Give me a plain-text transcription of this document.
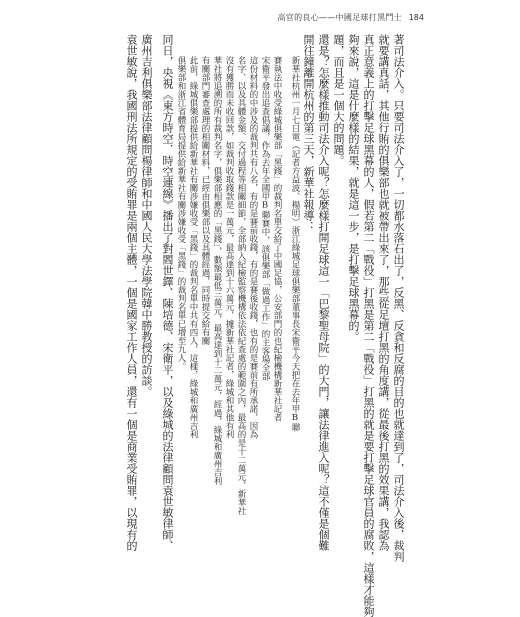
高官的良心——中國足球打黑鬥士 184

著司法介入。只要司法介入了，一切都水落石出了，反黑、反貪和反腐的目的也就達到了，司法介入後，裁判

就要講真話，其他行賄的俱樂部也就被帶出來了，那些從足壇打黑的角度講，從最後打黑的效果講，我認為

真正意義上的打擊足球黑幕的人，假若第二「戰役」打黑是第二「戰役」打黑的就是要打擊足球官員的腐敗，這樣才能夠

夠來說，這是什麼樣的結果，就是這一步，是打擊足球黑幕的。

題，而且是一個大的問題。

還是？怎麼樣推動司法介入呢？怎麼樣打開足球這一「巴黎聖母院」的大門，讓法律進入呢？這不僅是個難

開往鐘離開杭州的第三天，新華社報導：

新華社杭州一月七日電（記者方益波、楊明）浙江綠城足球俱樂部董事長宋衛平今天把在去年甲B聯

賽執法中收受綠城俱樂部「黑錢」的裁判名單交給了中國足協，公安部門的也紀檢機構新華社記者

宋衛平發出追查倡議，作為去年全國甲B聯賽中，該俱樂部「做過工作」的主客場全部

這份材料的中涉及的裁判共有八名，有的是賽前收錢，有的是賽後收錢，也有的是賽前有所承諾，因為

名字、以及具體金額、交付過程等相關細節，全部納入紀檢監察機構依法依紀查處的範圍之內，最高的是十二萬元，新華社

沒有獲勝而未收回款，如裁判收取錢款是一萬元，最高達到十六萬元，據新華社記者，綠城和其他有利

華社將追溯的所有裁判名字，俱樂部相應的「黑錢」，數額最低三萬元，最高達到十二萬元，經過，綠城和廣州吉利

有關部門審查處理的相關材料，已經由俱樂部以及具體經過，同時提交給有關

此前，綠城俱樂部提供給新華社有關涉嫌收受「黑錢」的裁判名單中共有四人，這樣，綠城和廣州吉利

俱樂部和浙江省體育局提供給新華社有關涉嫌收受「黑錢」的裁判名單已增至九人。

同日，央視《東方時空．時空連線》播出了對閻世鐸、陳培德、宋衛平，以及綠城的法律顧問袁世敏律師、

廣州吉利俱樂部法律顧問楊律師和中國人民大學法學院韓中勝教授的訪談。

袁世敏說，我國刑法所規定的受賄罪是兩個主體，一個是國家工作人員，還有一個是商業受賄罪，以現有的
